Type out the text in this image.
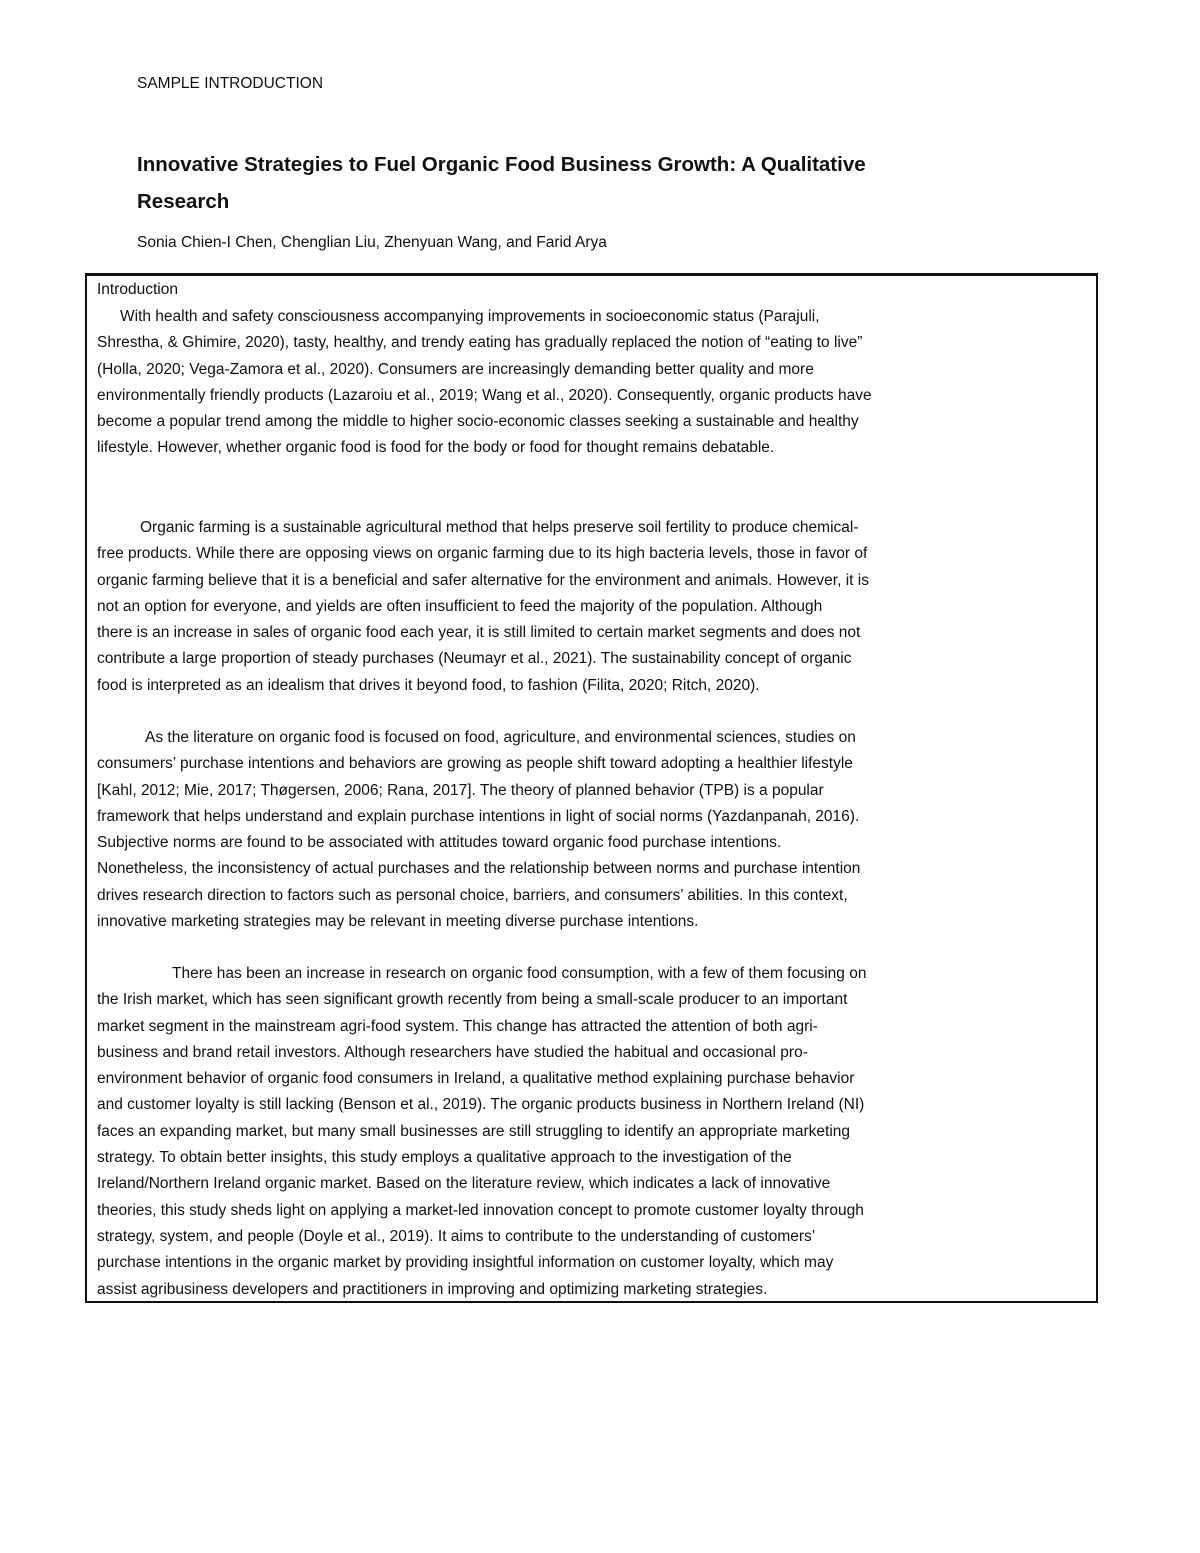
SAMPLE INTRODUCTION
Innovative Strategies to Fuel Organic Food Business Growth: A Qualitative
Research
Sonia Chien-I Chen, Chenglian Liu, Zhenyuan Wang, and Farid Arya
Introduction
With health and safety consciousness accompanying improvements in socioeconomic status (Parajuli,
Shrestha, & Ghimire, 2020), tasty, healthy, and trendy eating has gradually replaced the notion of “eating to live”
(Holla, 2020; Vega-Zamora et al., 2020). Consumers are increasingly demanding better quality and more
environmentally friendly products (Lazaroiu et al., 2019; Wang et al., 2020). Consequently, organic products have
become a popular trend among the middle to higher socio-economic classes seeking a sustainable and healthy
lifestyle. However, whether organic food is food for the body or food for thought remains debatable.
Organic farming is a sustainable agricultural method that helps preserve soil fertility to produce chemical-
free products. While there are opposing views on organic farming due to its high bacteria levels, those in favor of
organic farming believe that it is a beneficial and safer alternative for the environment and animals. However, it is
not an option for everyone, and yields are often insufficient to feed the majority of the population. Although
there is an increase in sales of organic food each year, it is still limited to certain market segments and does not
contribute a large proportion of steady purchases (Neumayr et al., 2021). The sustainability concept of organic
food is interpreted as an idealism that drives it beyond food, to fashion (Filita, 2020; Ritch, 2020).
As the literature on organic food is focused on food, agriculture, and environmental sciences, studies on
consumers’ purchase intentions and behaviors are growing as people shift toward adopting a healthier lifestyle
[Kahl, 2012; Mie, 2017; Thøgersen, 2006; Rana, 2017]. The theory of planned behavior (TPB) is a popular
framework that helps understand and explain purchase intentions in light of social norms (Yazdanpanah, 2016).
Subjective norms are found to be associated with attitudes toward organic food purchase intentions.
Nonetheless, the inconsistency of actual purchases and the relationship between norms and purchase intention
drives research direction to factors such as personal choice, barriers, and consumers’ abilities. In this context,
innovative marketing strategies may be relevant in meeting diverse purchase intentions.
There has been an increase in research on organic food consumption, with a few of them focusing on
the Irish market, which has seen significant growth recently from being a small-scale producer to an important
market segment in the mainstream agri-food system. This change has attracted the attention of both agri-
business and brand retail investors. Although researchers have studied the habitual and occasional pro-
environment behavior of organic food consumers in Ireland, a qualitative method explaining purchase behavior
and customer loyalty is still lacking (Benson et al., 2019). The organic products business in Northern Ireland (NI)
faces an expanding market, but many small businesses are still struggling to identify an appropriate marketing
strategy. To obtain better insights, this study employs a qualitative approach to the investigation of the
Ireland/Northern Ireland organic market. Based on the literature review, which indicates a lack of innovative
theories, this study sheds light on applying a market-led innovation concept to promote customer loyalty through
strategy, system, and people (Doyle et al., 2019). It aims to contribute to the understanding of customers’
purchase intentions in the organic market by providing insightful information on customer loyalty, which may
assist agribusiness developers and practitioners in improving and optimizing marketing strategies.
